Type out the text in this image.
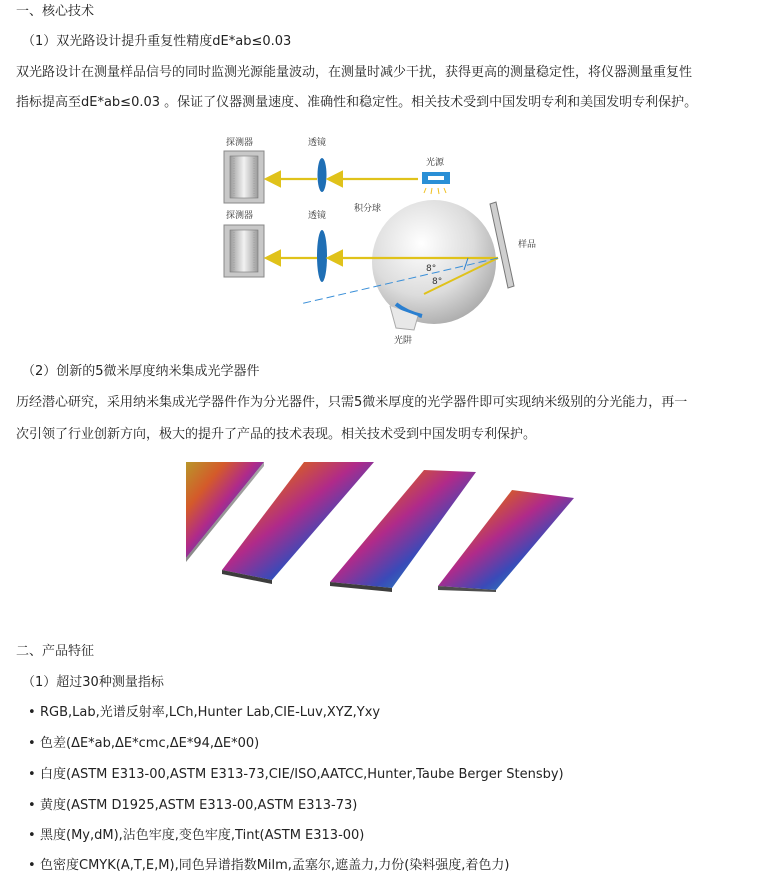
一、核心技术
（1）双光路设计提升重复性精度dE*ab≤0.03
双光路设计在测量样品信号的同时监测光源能量波动，在测量时减少干扰，获得更高的测量稳定性，将仪器测量重复性
指标提高至dE*ab≤0.03 。保证了仪器测量速度、准确性和稳定性。相关技术受到中国发明专利和美国发明专利保护。
探测器	透镜
光源
探测器	透镜
积分球
样品
光阱
8°
8°
（2）创新的5微米厚度纳米集成光学器件
历经潜心研究，采用纳米集成光学器件作为分光器件，只需5微米厚度的光学器件即可实现纳米级别的分光能力，再一
次引领了行业创新方向，极大的提升了产品的技术表现。相关技术受到中国发明专利保护。
二、产品特征
（1）超过30种测量指标
• RGB,Lab,光谱反射率,LCh,Hunter Lab,CIE-Luv,XYZ,Yxy
• 色差(ΔE*ab,ΔE*cmc,ΔE*94,ΔE*00)
• 白度(ASTM E313-00,ASTM E313-73,CIE/ISO,AATCC,Hunter,Taube Berger Stensby)
• 黄度(ASTM D1925,ASTM E313-00,ASTM E313-73)
• 黑度(My,dM),沾色牢度,变色牢度,Tint(ASTM E313-00)
• 色密度CMYK(A,T,E,M),同色异谱指数Milm,孟塞尔,遮盖力,力份(染料强度,着色力)
